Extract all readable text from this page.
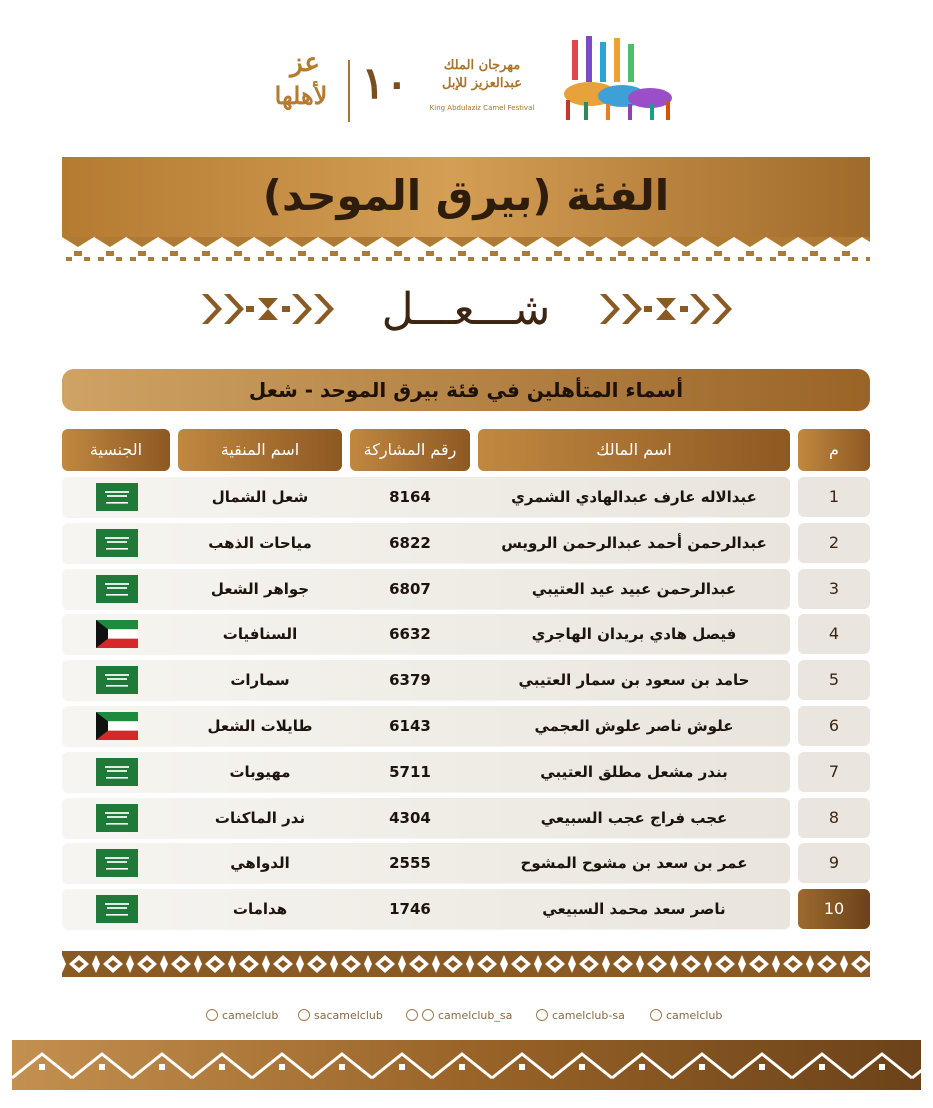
مهرجان الملك
عبدالعزيز للإبل
King Abdulaziz Camel Festival
١٠
عز
لأهلها
الفئة (بيرق الموحد)
شـــعـــل
أسماء المتأهلين في فئة بيرق الموحد - شعل
م
اسم المالك
رقم المشاركة
اسم المنقية
الجنسية
1
عبدالاله عارف عبدالهادي الشمري
8164
شعل الشمال
2
عبدالرحمن أحمد عبدالرحمن الرويس
6822
مياحات الذهب
3
عبدالرحمن عبيد عيد العتيبي
6807
جواهر الشعل
4
فيصل هادي بريدان الهاجري
6632
السنافيات
5
حامد بن سعود بن سمار العتيبي
6379
سمارات
6
علوش ناصر علوش العجمي
6143
طايلات الشعل
7
بندر مشعل مطلق العتيبي
5711
مهيوبات
8
عجب فراج عجب السبيعي
4304
ندر الماكنات
9
عمر بن سعد بن مشوح المشوح
2555
الدواهي
10
ناصر سعد محمد السبيعي
1746
هدامات
camelclub	sacamelclub	camelclub_sa	camelclub-sa	camelclub
